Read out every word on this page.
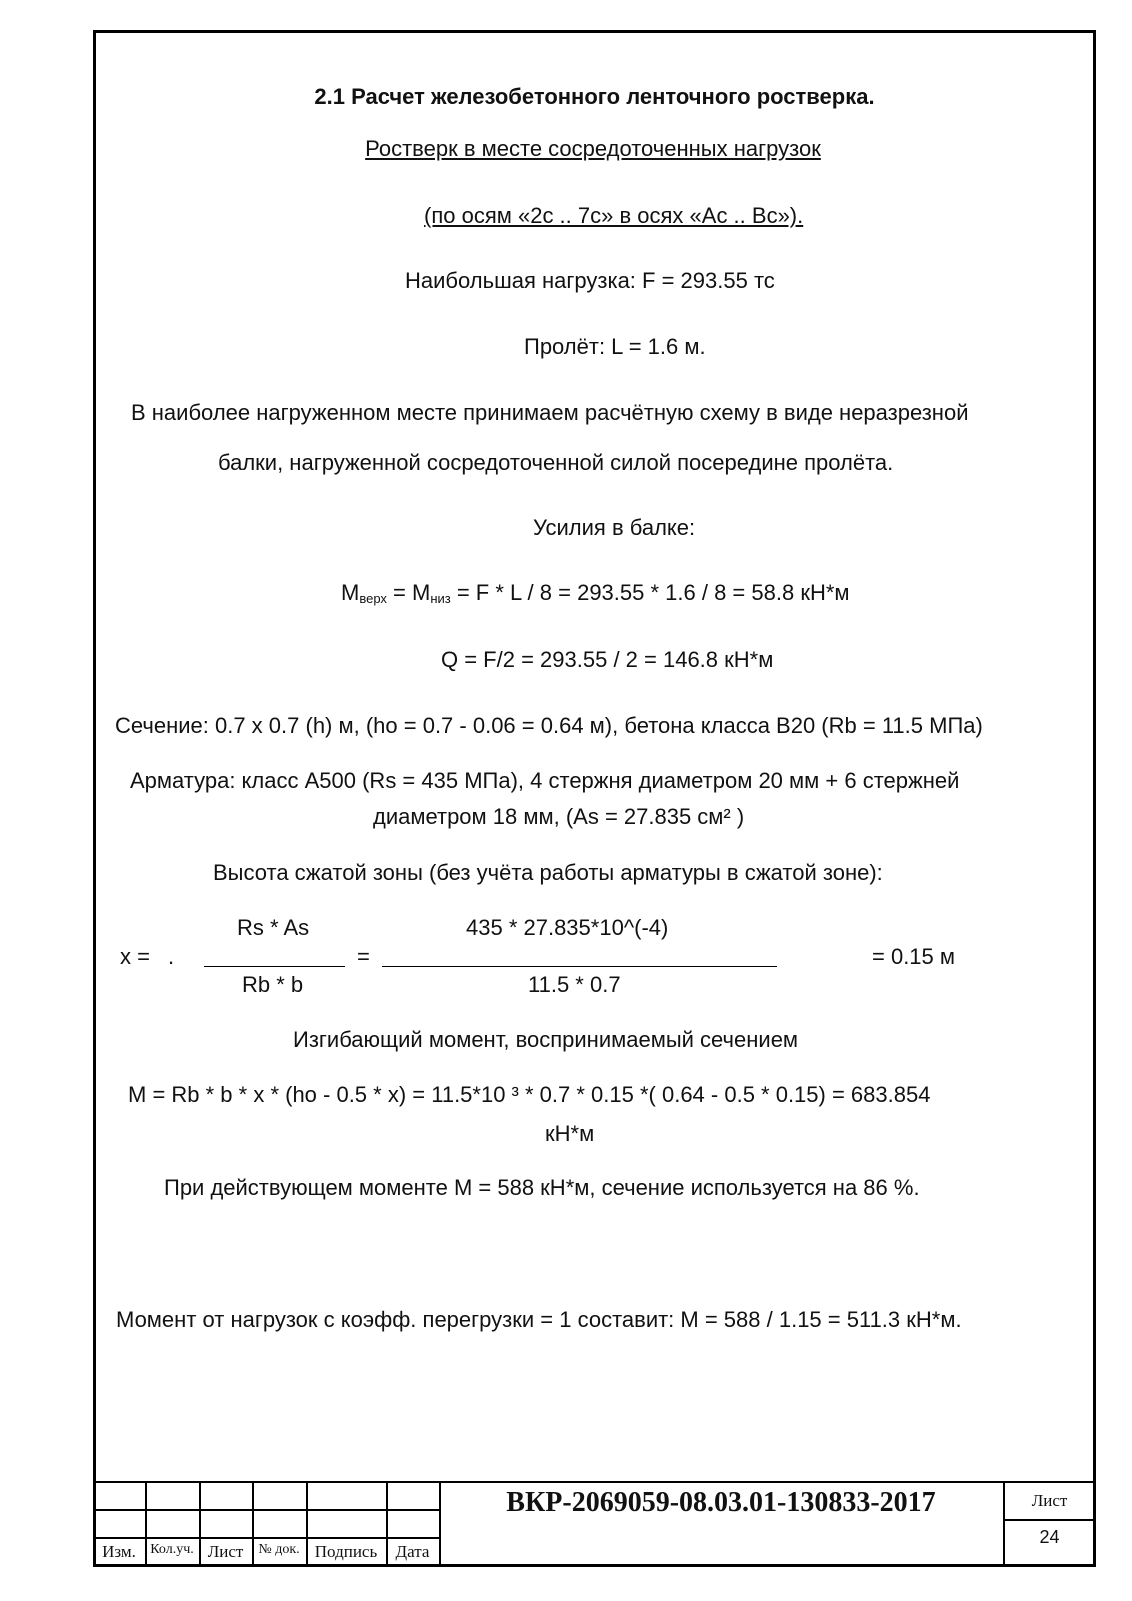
2.1 Расчет железобетонного ленточного ростверка.
Ростверк в месте сосредоточенных нагрузок
(по осям «2с .. 7с» в осях «Ас .. Вс»).
Наибольшая нагрузка: F = 293.55 тс
Пролёт: L = 1.6 м.
В наиболее нагруженном месте принимаем расчётную схему в виде неразрезной
балки, нагруженной сосредоточенной силой посередине пролёта.
Усилия в балке:
$M_{верх} = M_{низ} = F * L / 8 = 293.55 * 1.6 / 8 = 58.8$ кН*м
Q = F/2 = 293.55 / 2 = 146.8 кН*м
Сечение: 0.7 х 0.7 (h) м, (hо = 0.7 - 0.06 = 0.64 м), бетона класса В20 (Rb = 11.5 МПа)
Арматура: класс А500 (Rs = 435 МПа), 4 стержня диаметром 20 мм + 6 стержней
диаметром 18 мм, (As = 27.835 см² )
Высота сжатой зоны (без учёта работы арматуры в сжатой зоне):
x = .
Rs * As
Rb * b
=
435 * 27.835*10^(-4)
11.5 * 0.7
= 0.15 м
Изгибающий момент, воспринимаемый сечением
M = Rb * b * x * (hо - 0.5 * x) = 11.5*10 ³ * 0.7 * 0.15 *( 0.64 - 0.5 * 0.15) = 683.854
кН*м
При действующем моменте M = 588 кН*м, сечение используется на 86 %.
Момент от нагрузок с коэфф. перегрузки = 1 составит: M = 588 / 1.15 = 511.3 кН*м.
Изм.	Кол.уч. Лист	№ док. Подпись	Дата
ВКР-2069059-08.03.01-130833-2017	Лист
24
